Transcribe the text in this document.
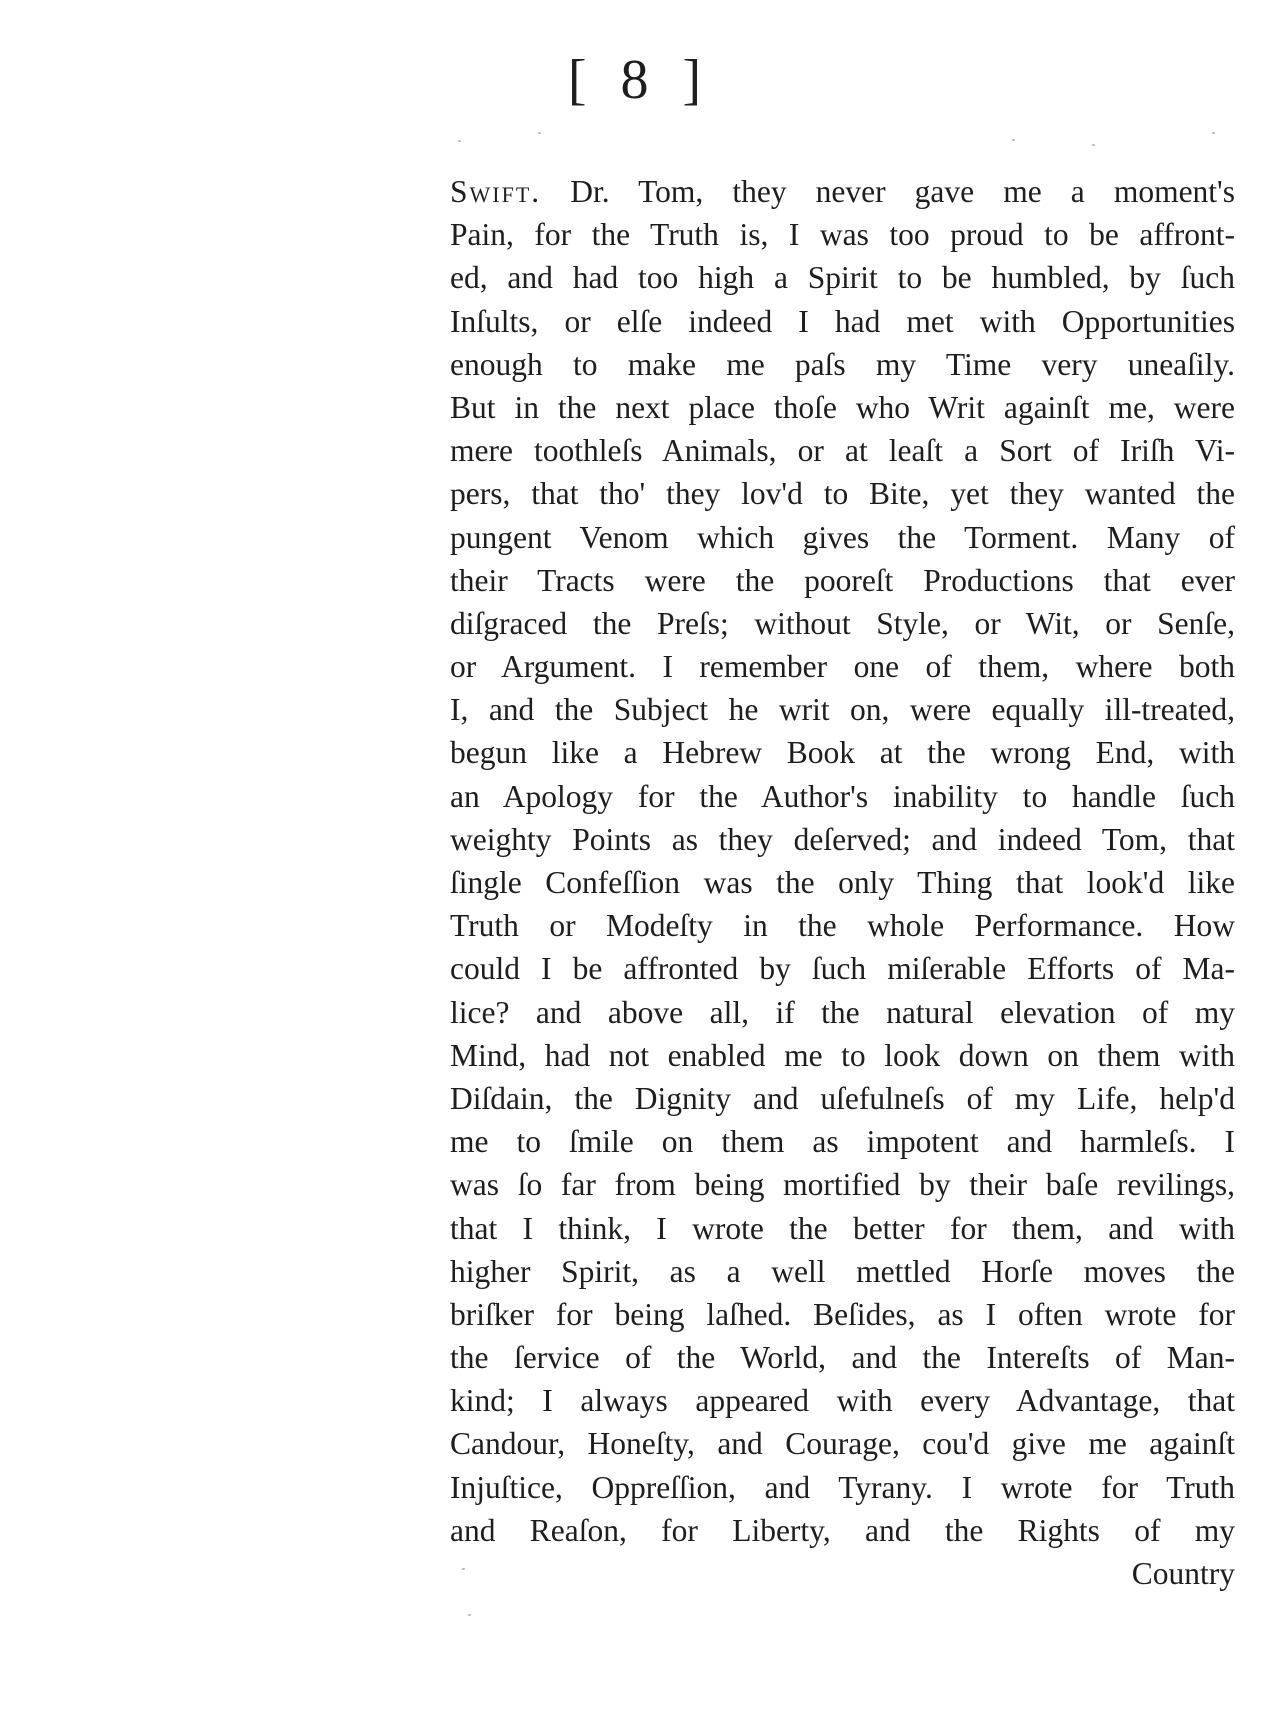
[ 8 ]
Swift. Dr. Tom, they never gave me a moment's
Pain, for the Truth is, I was too proud to be affront-
ed, and had too high a Spirit to be humbled, by ſuch
Inſults, or elſe indeed I had met with Opportunities
enough to make me paſs my Time very uneaſily.
But in the next place thoſe who Writ againſt me, were
mere toothleſs Animals, or at leaſt a Sort of Iriſh Vi-
pers, that tho' they lov'd to Bite, yet they wanted the
pungent Venom which gives the Torment. Many of
their Tracts were the pooreſt Productions that ever
diſgraced the Preſs; without Style, or Wit, or Senſe,
or Argument. I remember one of them, where both
I, and the Subject he writ on, were equally ill-treated,
begun like a Hebrew Book at the wrong End, with
an Apology for the Author's inability to handle ſuch
weighty Points as they deſerved; and indeed Tom, that
ſingle Confeſſion was the only Thing that look'd like
Truth or Modeſty in the whole Performance. How
could I be affronted by ſuch miſerable Efforts of Ma-
lice? and above all, if the natural elevation of my
Mind, had not enabled me to look down on them with
Diſdain, the Dignity and uſefulneſs of my Life, help'd
me to ſmile on them as impotent and harmleſs. I
was ſo far from being mortified by their baſe revilings,
that I think, I wrote the better for them, and with
higher Spirit, as a well mettled Horſe moves the
briſker for being laſhed. Beſides, as I often wrote for
the ſervice of the World, and the Intereſts of Man-
kind; I always appeared with every Advantage, that
Candour, Honeſty, and Courage, cou'd give me againſt
Injuſtice, Oppreſſion, and Tyrany. I wrote for Truth
and Reaſon, for Liberty, and the Rights of my
Country
